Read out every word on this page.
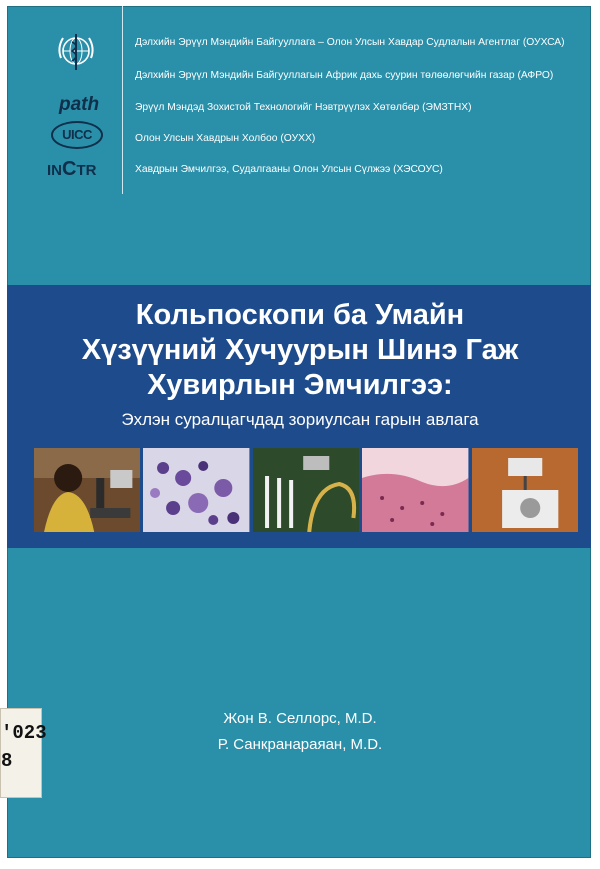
path
UICC
INCTR
Дэлхийн Эрүүл Мэндийн Байгууллага – Олон Улсын Хавдар Судлалын Агентлаг (ОУХСА)
Дэлхийн Эрүүл Мэндийн Байгууллагын Африк дахь суурин төлөөлөгчийн газар (АФРО)
Эрүүл Мэндэд Зохистой Технологийг Нэвтрүүлэх Хөтөлбөр (ЭМЗТНХ)
Олон Улсын Хавдрын Холбоо (ОУХХ)
Хавдрын Эмчилгээ, Судалгааны Олон Улсын Сүлжээ (ХЭСОУС)
Кольпоскопи ба Умайн
Хүзүүний Хучуурын Шинэ Гаж
Хувирлын Эмчилгээ:
Эхлэн суралцагчдад зориулсан гарын авлага
Жон В. Селлорс, M.D.
Р. Санкранараяан, M.D.
'023
8
